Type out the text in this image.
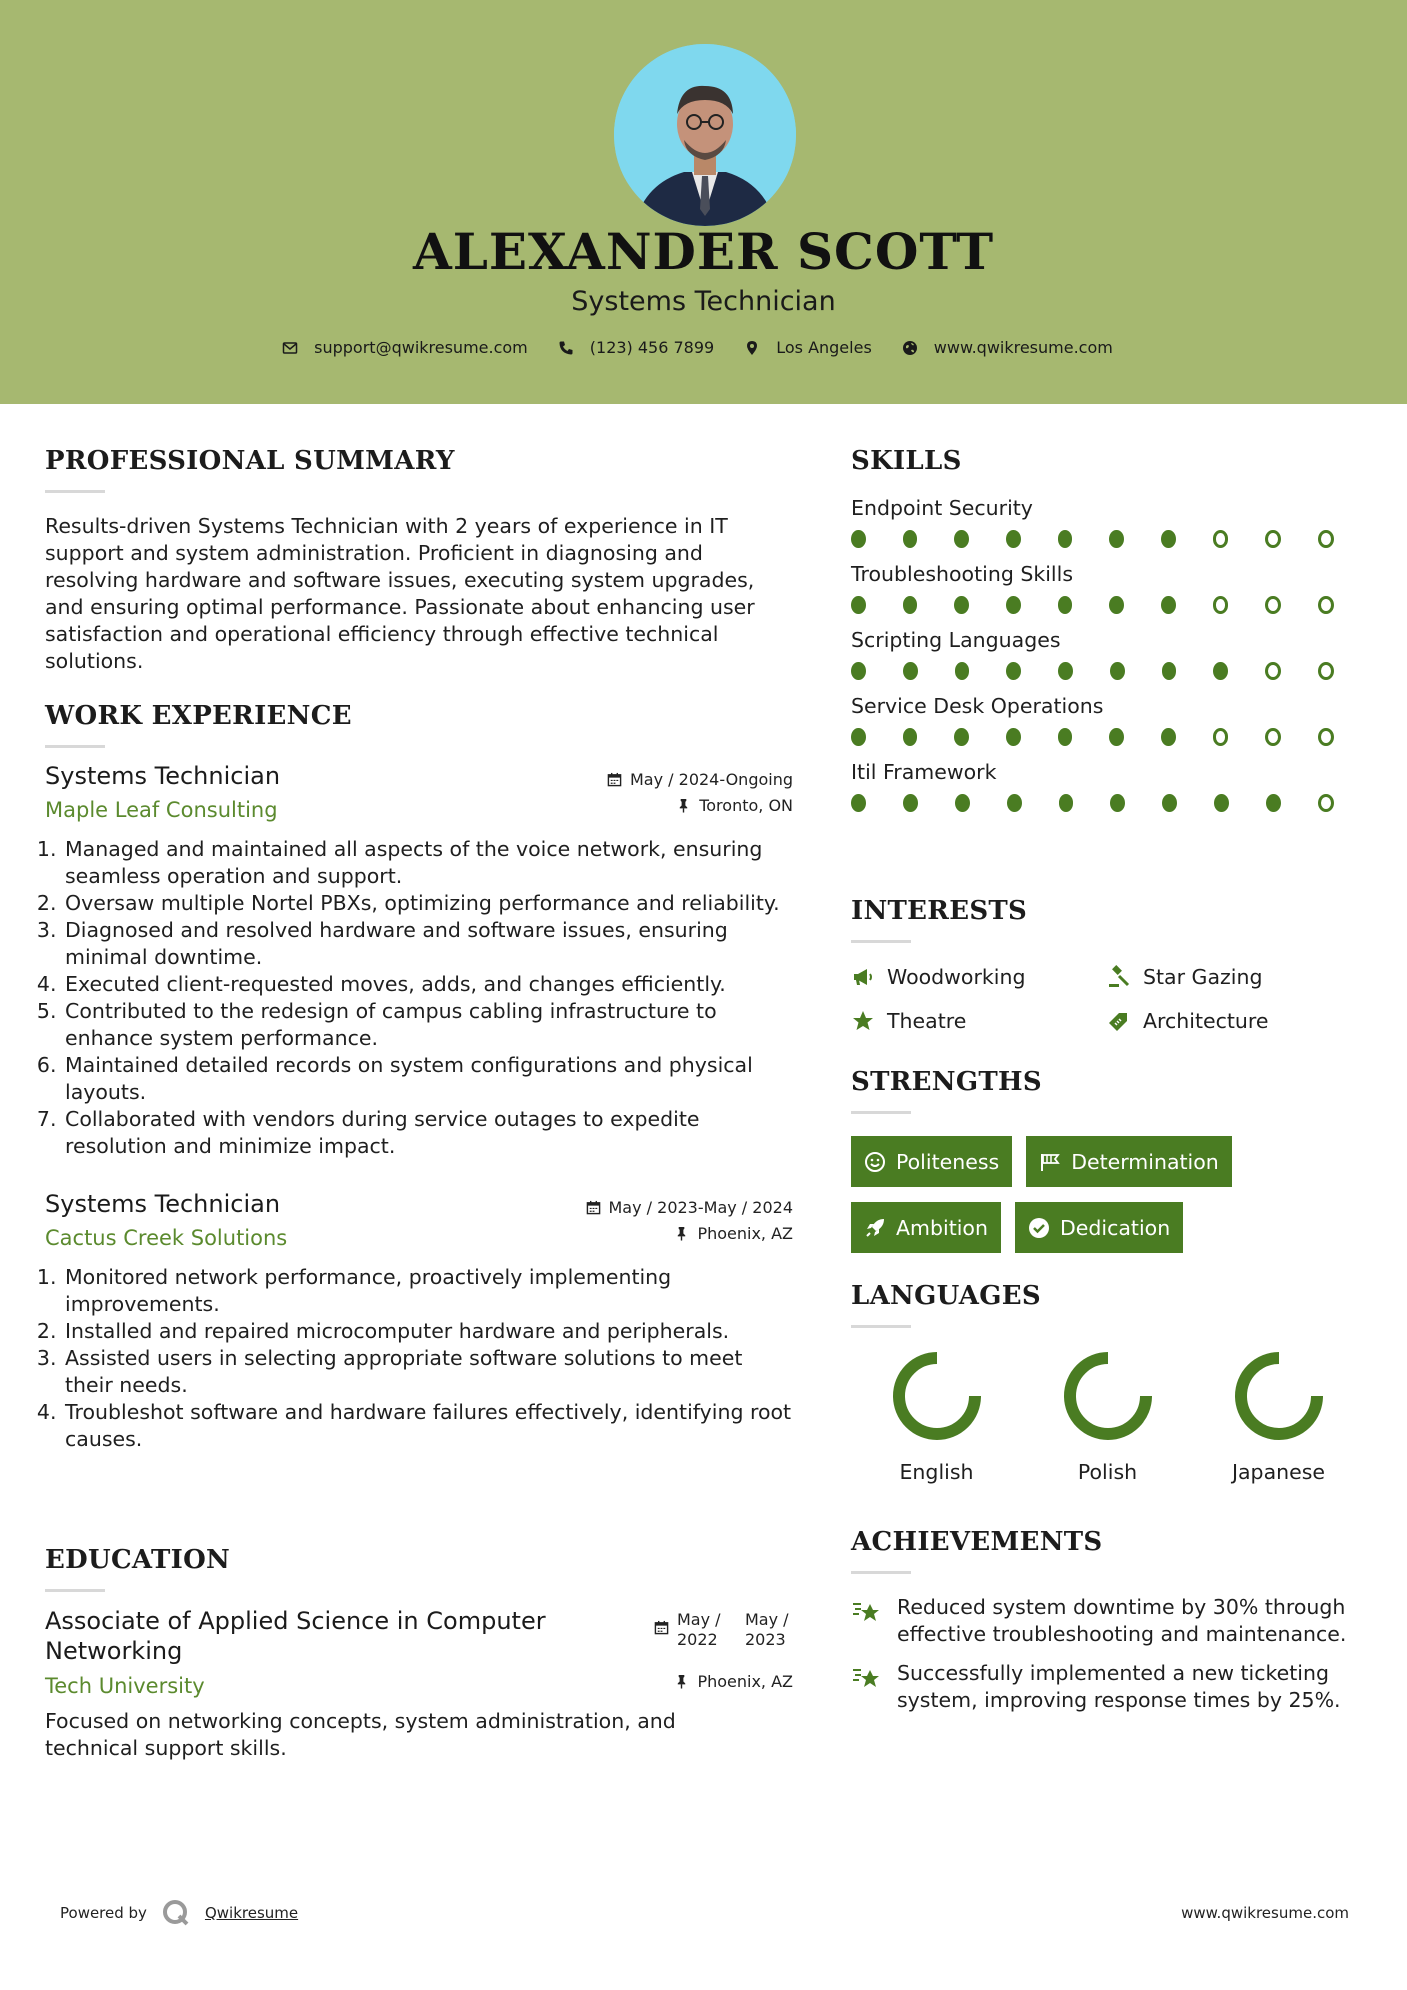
ALEXANDER SCOTT
Systems Technician
support@qwikresume.com	(123) 456 7899	Los Angeles	www.qwikresume.com
PROFESSIONAL SUMMARY
Results-driven Systems Technician with 2 years of experience in IT support and system administration. Proficient in diagnosing and resolving hardware and software issues, executing system upgrades, and ensuring optimal performance. Passionate about enhancing user satisfaction and operational efficiency through effective technical solutions.
WORK EXPERIENCE
Systems Technician	May / 2024-Ongoing
Maple Leaf Consulting	Toronto, ON
1. Managed and maintained all aspects of the voice network, ensuring seamless operation and support.
2. Oversaw multiple Nortel PBXs, optimizing performance and reliability.
3. Diagnosed and resolved hardware and software issues, ensuring minimal downtime.
4. Executed client-requested moves, adds, and changes efficiently.
5. Contributed to the redesign of campus cabling infrastructure to enhance system performance.
6. Maintained detailed records on system configurations and physical layouts.
7. Collaborated with vendors during service outages to expedite resolution and minimize impact.
Systems Technician	May / 2023-May / 2024
Cactus Creek Solutions	Phoenix, AZ
1. Monitored network performance, proactively implementing improvements.
2. Installed and repaired microcomputer hardware and peripherals.
3. Assisted users in selecting appropriate software solutions to meet their needs.
4. Troubleshot software and hardware failures effectively, identifying root causes.
EDUCATION
Associate of Applied Science in Computer Networking
May /
2022
May /
2023
Tech University	Phoenix, AZ
Focused on networking concepts, system administration, and technical support skills.
SKILLS
Endpoint Security
Troubleshooting Skills
Scripting Languages
Service Desk Operations
Itil Framework
INTERESTS
Woodworking	Star Gazing
Theatre	Architecture
STRENGTHS
Politeness	Determination
Ambition	Dedication
LANGUAGES
English	Polish	Japanese
ACHIEVEMENTS
Reduced system downtime by 30% through effective troubleshooting and maintenance.
Successfully implemented a new ticketing system, improving response times by 25%.
Powered by	Qwikresume	www.qwikresume.com
